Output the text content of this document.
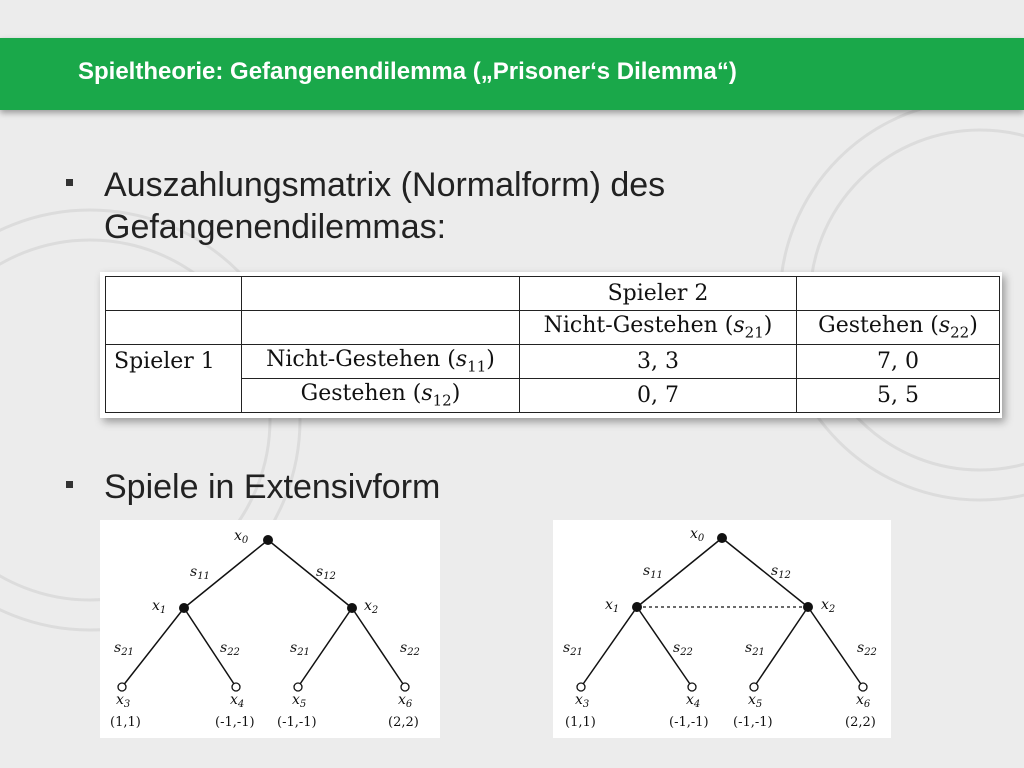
Spieltheorie: Gefangenendilemma („Prisoner‘s Dilemma“)
Auszahlungsmatrix (Normalform) des
Gefangenendilemmas:
		Spieler 2	
		Nicht-Gestehen $(s_{21})$	Gestehen $(s_{22})$
Spieler 1	Nicht-Gestehen $(s_{11})$	3, 3	7, 0
	Gestehen $(s_{12})$	0, 7	5, 5
Spiele in Extensivform
$x_0$
$x_1$	$x_2$
$s_{11}$	$s_{12}$
$s_{21}$	$s_{22}$	$s_{21}$	$s_{22}$
$x_3$	$x_4$	$x_5$	$x_6$
(1,1)	(-1,-1) (-1,-1)	(2,2)
$x_0$
$x_1$	$x_2$
$s_{11}$	$s_{12}$
$s_{21}$	$s_{22}$	$s_{21}$	$s_{22}$
$x_3$	$x_4$	$x_5$	$x_6$
(1,1)	(-1,-1) (-1,-1)	(2,2)
